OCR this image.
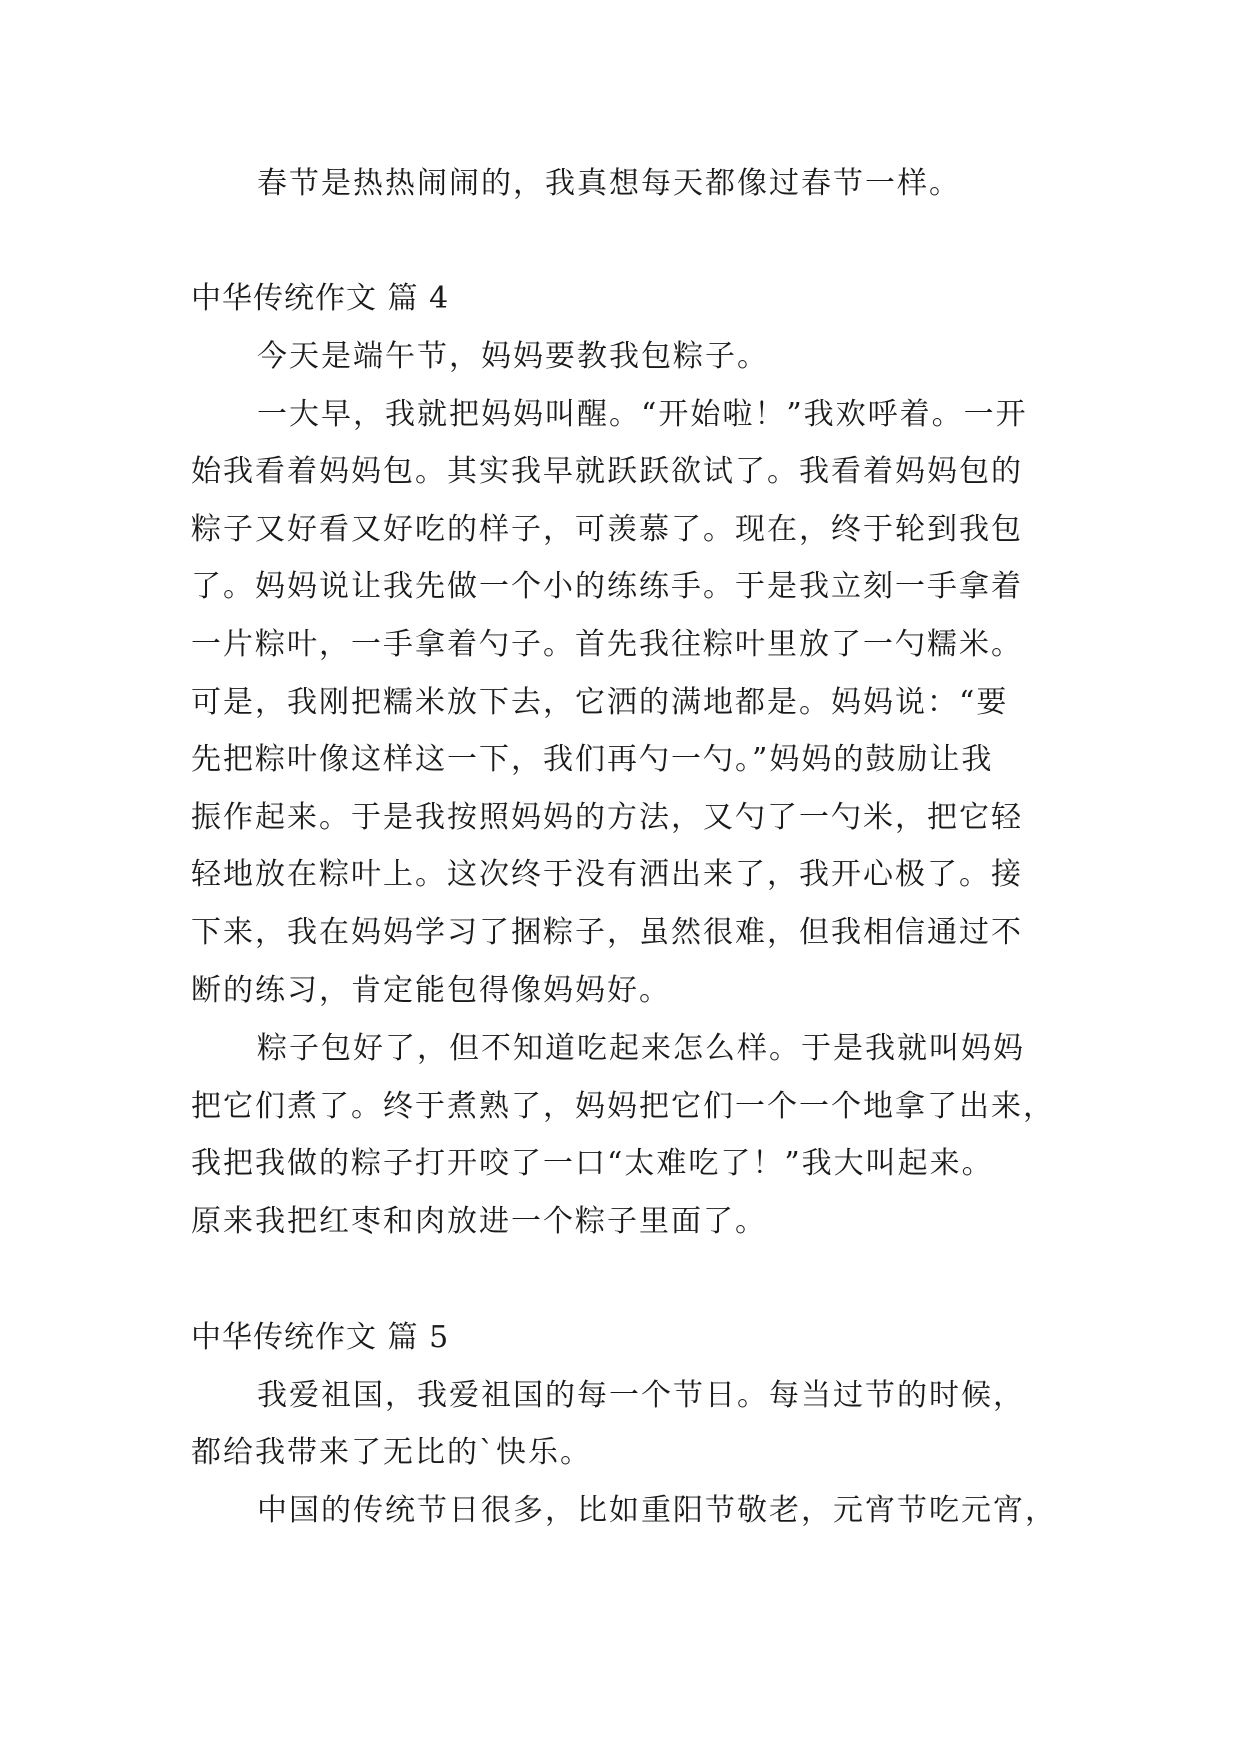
春节是热热闹闹的，我真想每天都像过春节一样。
中华传统作文 篇 4
今天是端午节，妈妈要教我包粽子。
一大早，我就把妈妈叫醒。“开始啦！”我欢呼着。一开
始我看着妈妈包。其实我早就跃跃欲试了。我看着妈妈包的
粽子又好看又好吃的样子，可羡慕了。现在，终于轮到我包
了。妈妈说让我先做一个小的练练手。于是我立刻一手拿着
一片粽叶，一手拿着勺子。首先我往粽叶里放了一勺糯米。
可是，我刚把糯米放下去，它洒的满地都是。妈妈说：“要
先把粽叶像这样这一下，我们再勺一勺。”妈妈的鼓励让我
振作起来。于是我按照妈妈的方法，又勺了一勺米，把它轻
轻地放在粽叶上。这次终于没有洒出来了，我开心极了。接
下来，我在妈妈学习了捆粽子，虽然很难，但我相信通过不
断的练习，肯定能包得像妈妈好。
粽子包好了，但不知道吃起来怎么样。于是我就叫妈妈
把它们煮了。终于煮熟了，妈妈把它们一个一个地拿了出来，
我把我做的粽子打开咬了一口“太难吃了！”我大叫起来。
原来我把红枣和肉放进一个粽子里面了。
中华传统作文 篇 5
我爱祖国，我爱祖国的每一个节日。每当过节的时候，
都给我带来了无比的`快乐。
中国的传统节日很多，比如重阳节敬老，元宵节吃元宵，
